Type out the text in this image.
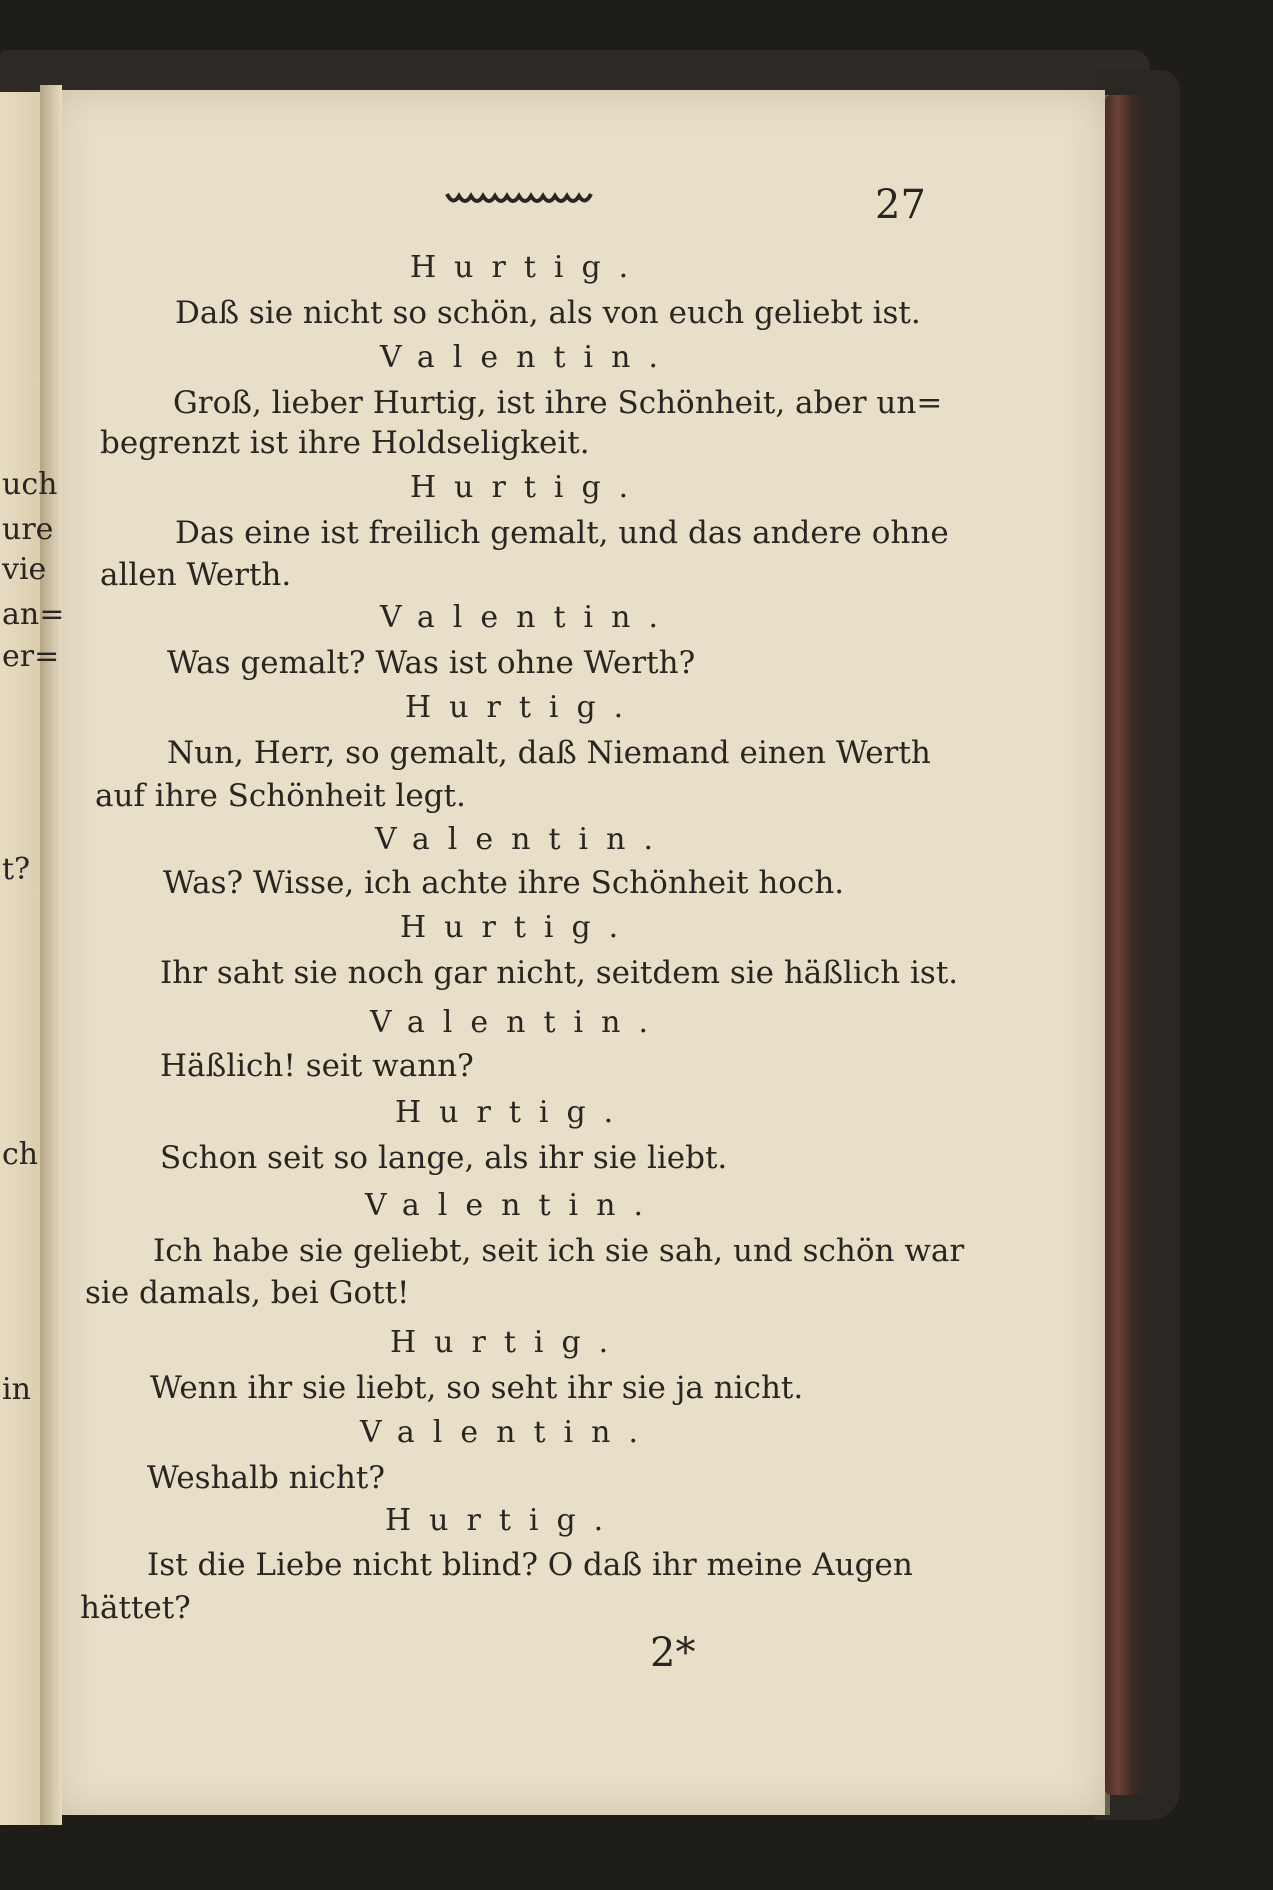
27
Hurtig.
Daß sie nicht so schön, als von euch geliebt ist.
Valentin.
Groß, lieber Hurtig, ist ihre Schönheit, aber un=
begrenzt ist ihre Holdseligkeit.
Hurtig.
Das eine ist freilich gemalt, und das andere ohne
allen Werth.
Valentin.
Was gemalt? Was ist ohne Werth?
Hurtig.
Nun, Herr, so gemalt, daß Niemand einen Werth
auf ihre Schönheit legt.
Valentin.
Was? Wisse, ich achte ihre Schönheit hoch.
Hurtig.
Ihr saht sie noch gar nicht, seitdem sie häßlich ist.
Valentin.
Häßlich! seit wann?
Hurtig.
Schon seit so lange, als ihr sie liebt.
Valentin.
Ich habe sie geliebt, seit ich sie sah, und schön war
sie damals, bei Gott!
Hurtig.
Wenn ihr sie liebt, so seht ihr sie ja nicht.
Valentin.
Weshalb nicht?
Hurtig.
Ist die Liebe nicht blind? O daß ihr meine Augen
hättet?
2*
uch
ure
vie
an=
er=
t?
ch
in
